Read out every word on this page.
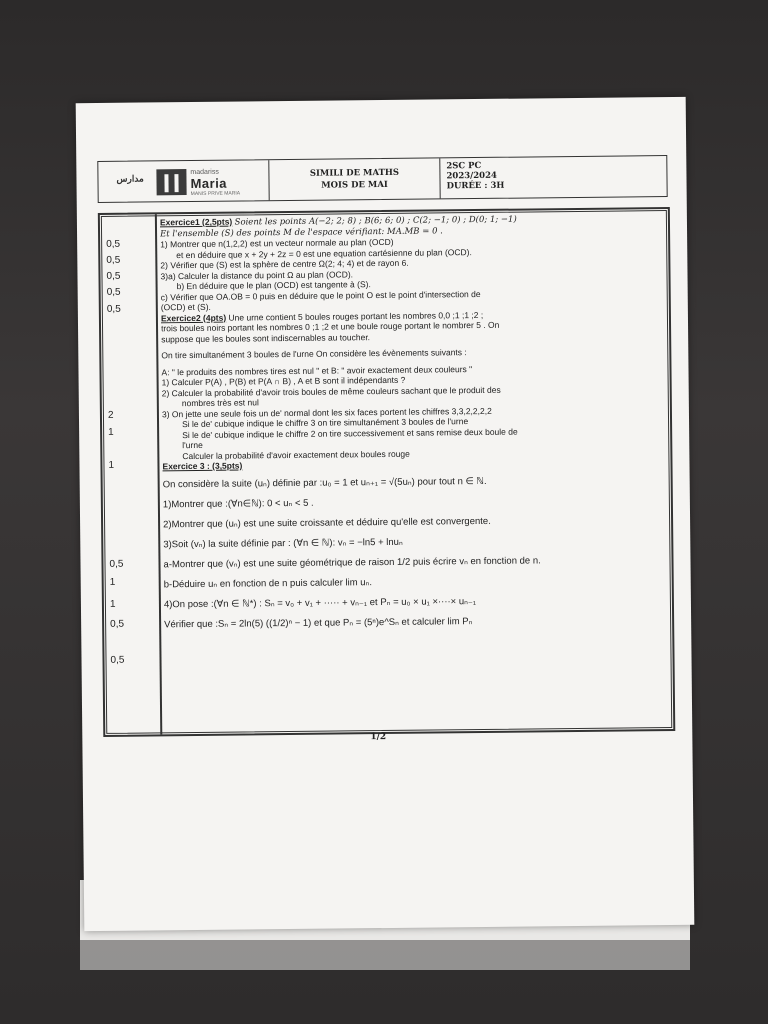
مدارس
madariss
Maria
MANIS PRIVE MARIA
SIMILI DE MATHS
MOIS DE MAI
2SC PC
2023/2024
DURÉE : 3H
0,5
0,5
0,5
0,5
0,5
2
1
1
0,5
1
1
0,5
0,5
Exercice1 (2,5pts) Soient les points A(−2; 2; 8) ; B(6; 6; 0) ; C(2; −1; 0) ; D(0; 1; −1)
Et l'ensemble (S) des points M de l'espace vérifiant: MA.MB = 0 .
1) Montrer que n(1,2,2) est un vecteur normale au plan (OCD)
et en déduire que x + 2y + 2z = 0 est une equation cartésienne du plan (OCD).
2) Vérifier que (S) est la sphère de centre Ω(2; 4; 4) et de rayon 6.
3)a) Calculer la distance du point Ω au plan (OCD).
b) En déduire que le plan (OCD) est tangente à (S).
c) Vérifier que OA.OB = 0 puis en déduire que le point O est le point d'intersection de
(OCD) et (S).
Exercice2 (4pts) Une urne contient 5 boules rouges portant les nombres 0,0 ;1 ;1 ;2 ;
trois boules noirs portant les nombres 0 ;1 ;2 et une boule rouge portant le nombrer 5 . On
suppose que les boules sont indiscernables au toucher.
On tire simultanément 3 boules de l'urne On considère les évènements suivants :
A: " le produits des nombres tires est nul " et B: " avoir exactement deux couleurs "
1) Calculer P(A) , P(B) et P(A ∩ B) , A et B sont il indépendants ?
2) Calculer la probabilité d'avoir trois boules de même couleurs sachant que le produit des
nombres très est nul
3) On jette une seule fois un de' normal dont les six faces portent les chiffres 3,3,2,2,2,2
Si le de' cubique indique le chiffre 3 on tire simultanément 3 boules de l'urne
Si le de' cubique indique le chiffre 2 on tire successivement et sans remise deux boule de
l'urne
Calculer la probabilité d'avoir exactement deux boules rouge
Exercice 3 : (3,5pts)
On considère la suite (uₙ) définie par :u₀ = 1 et uₙ₊₁ = √(5uₙ) pour tout n ∈ ℕ.
1)Montrer que :(∀n∈ℕ): 0 < uₙ < 5 .
2)Montrer que (uₙ) est une suite croissante et déduire qu'elle est convergente.
3)Soit (vₙ) la suite définie par : (∀n ∈ ℕ): vₙ = −ln5 + lnuₙ
a-Montrer que (vₙ) est une suite géométrique de raison 1/2 puis écrire vₙ en fonction de n.
b-Déduire uₙ en fonction de n puis calculer lim uₙ.
4)On pose :(∀n ∈ ℕ*) : Sₙ = v₀ + v₁ + ····· + vₙ₋₁ et Pₙ = u₀ × u₁ ×····× uₙ₋₁
Vérifier que :Sₙ = 2ln(5) ((1/2)ⁿ − 1) et que Pₙ = (5ⁿ)e^Sₙ et calculer lim Pₙ
1/2
